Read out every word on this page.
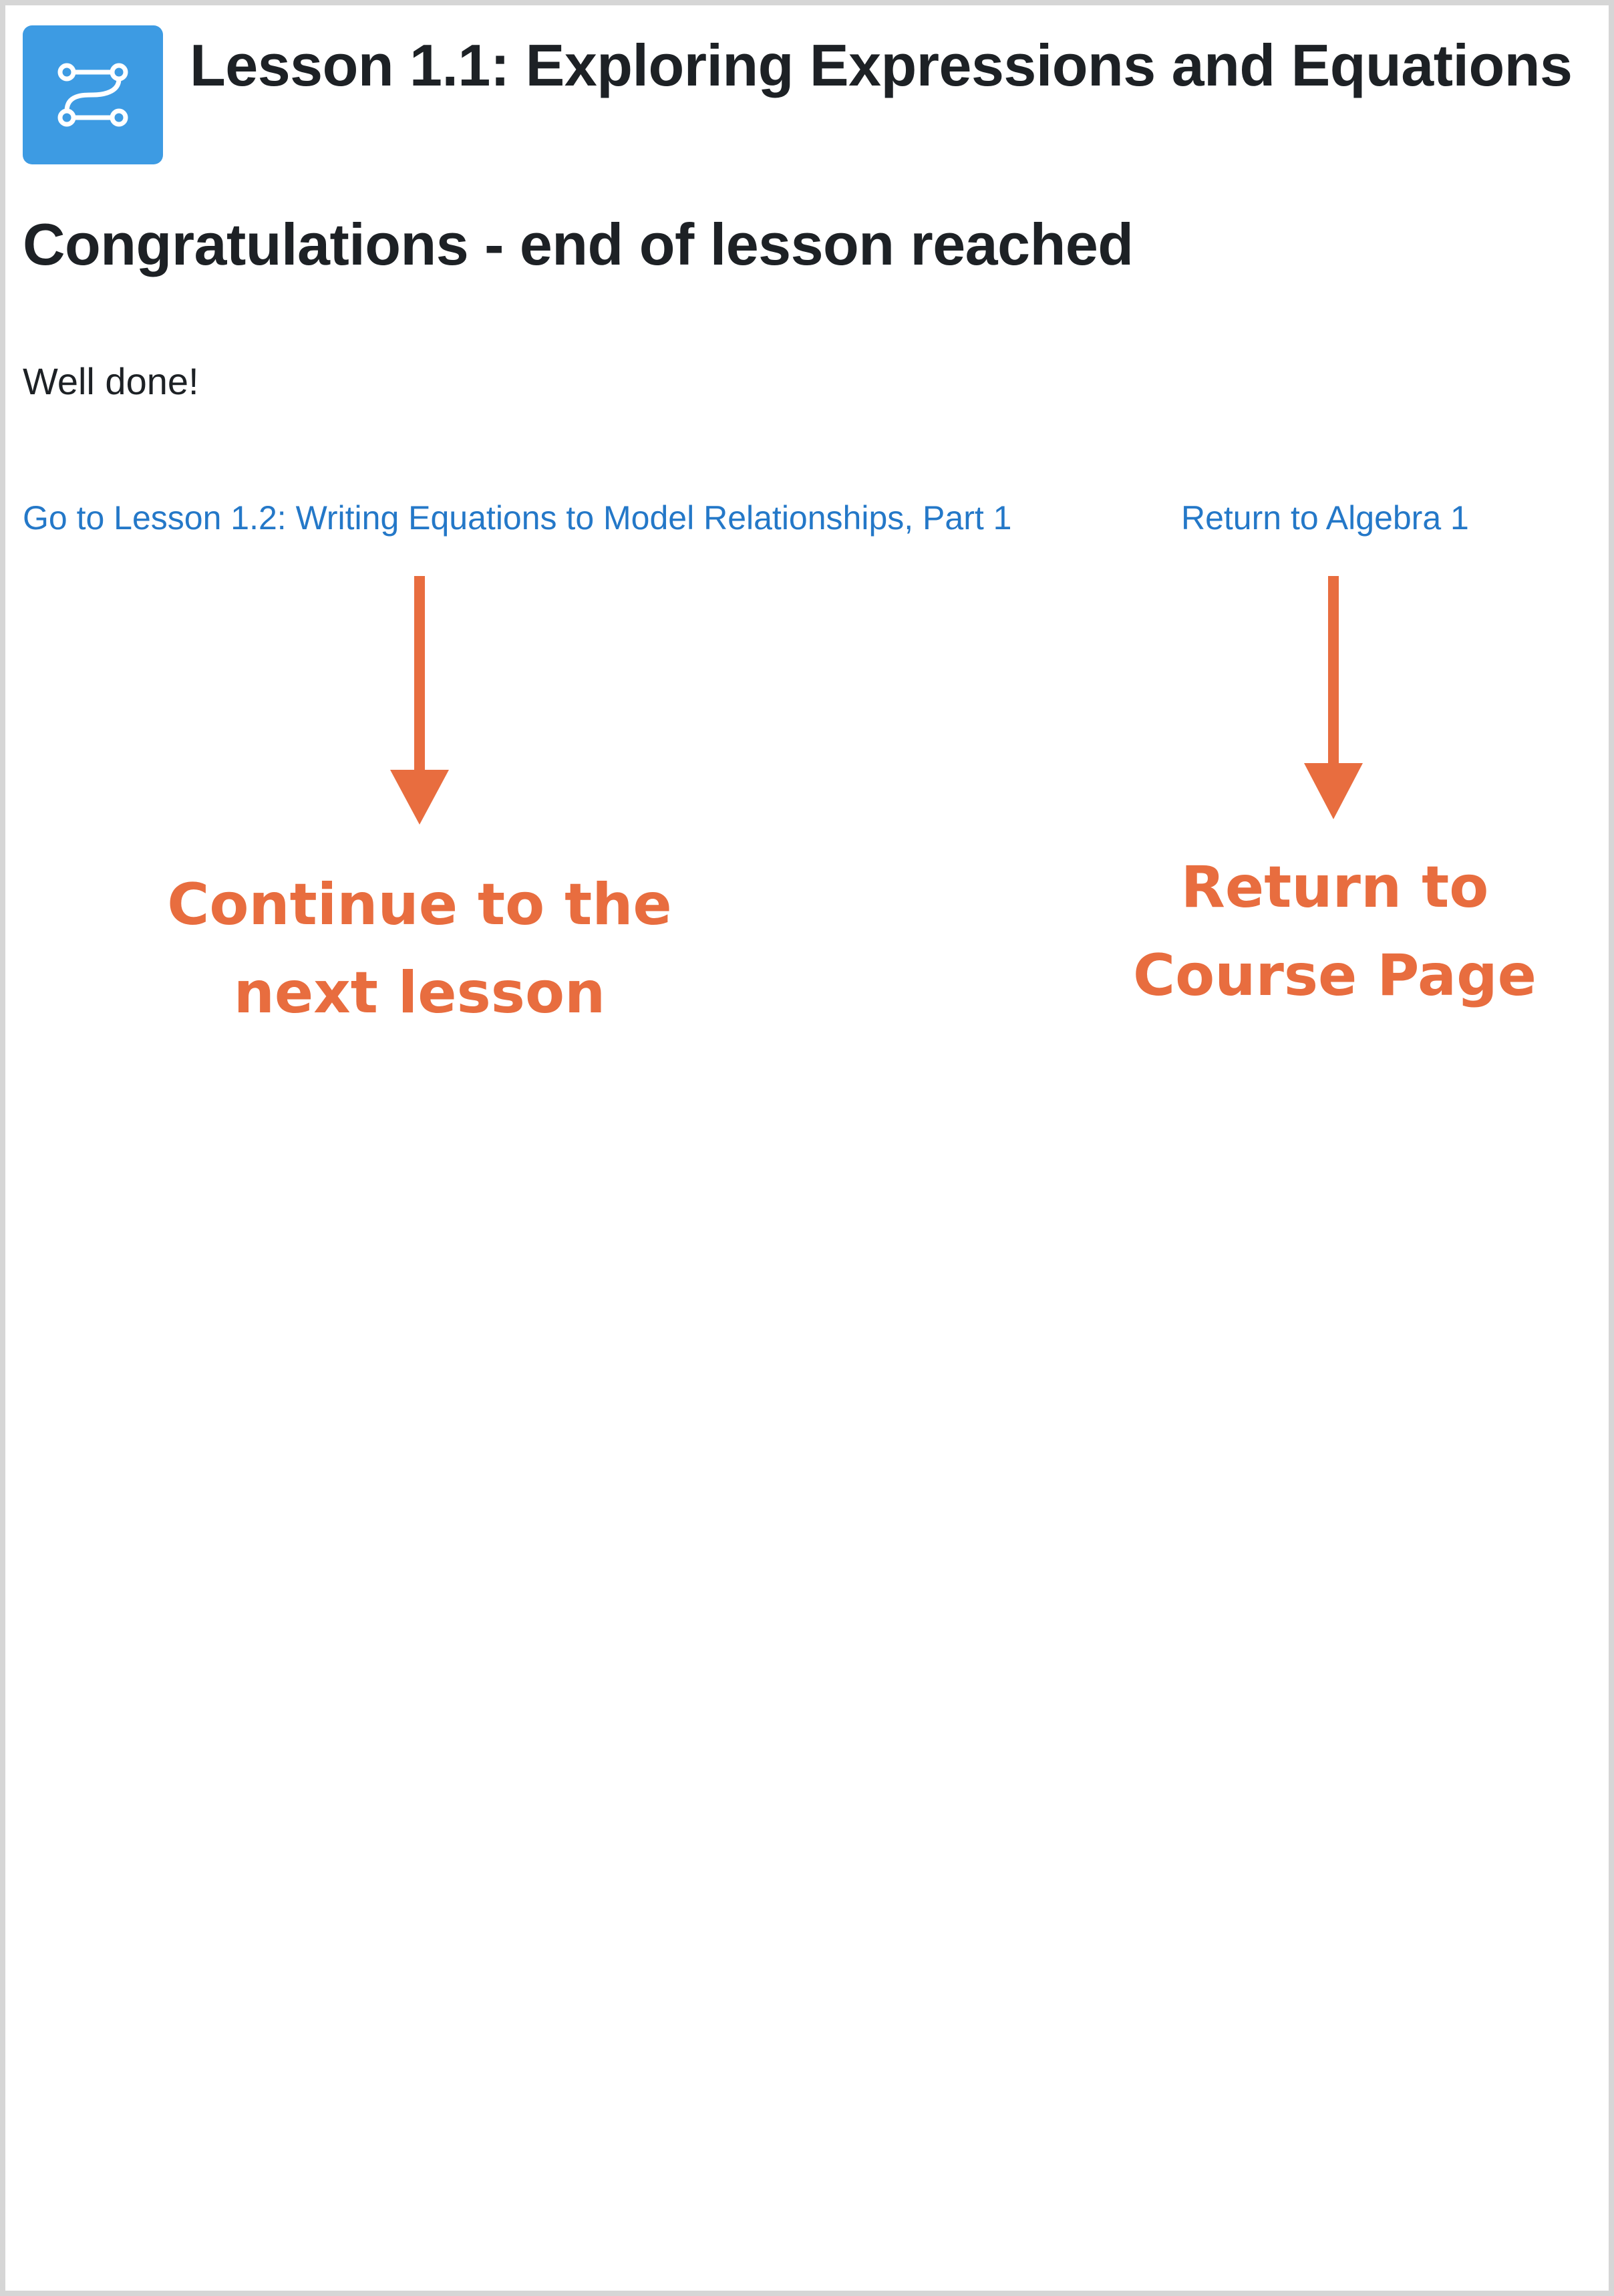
Lesson 1.1: Exploring Expressions and Equations
Congratulations - end of lesson reached
Well done!
Go to Lesson 1.2: Writing Equations to Model Relationships, Part 1	Return to Algebra 1
Continue to the
next lesson
Return to
Course Page
